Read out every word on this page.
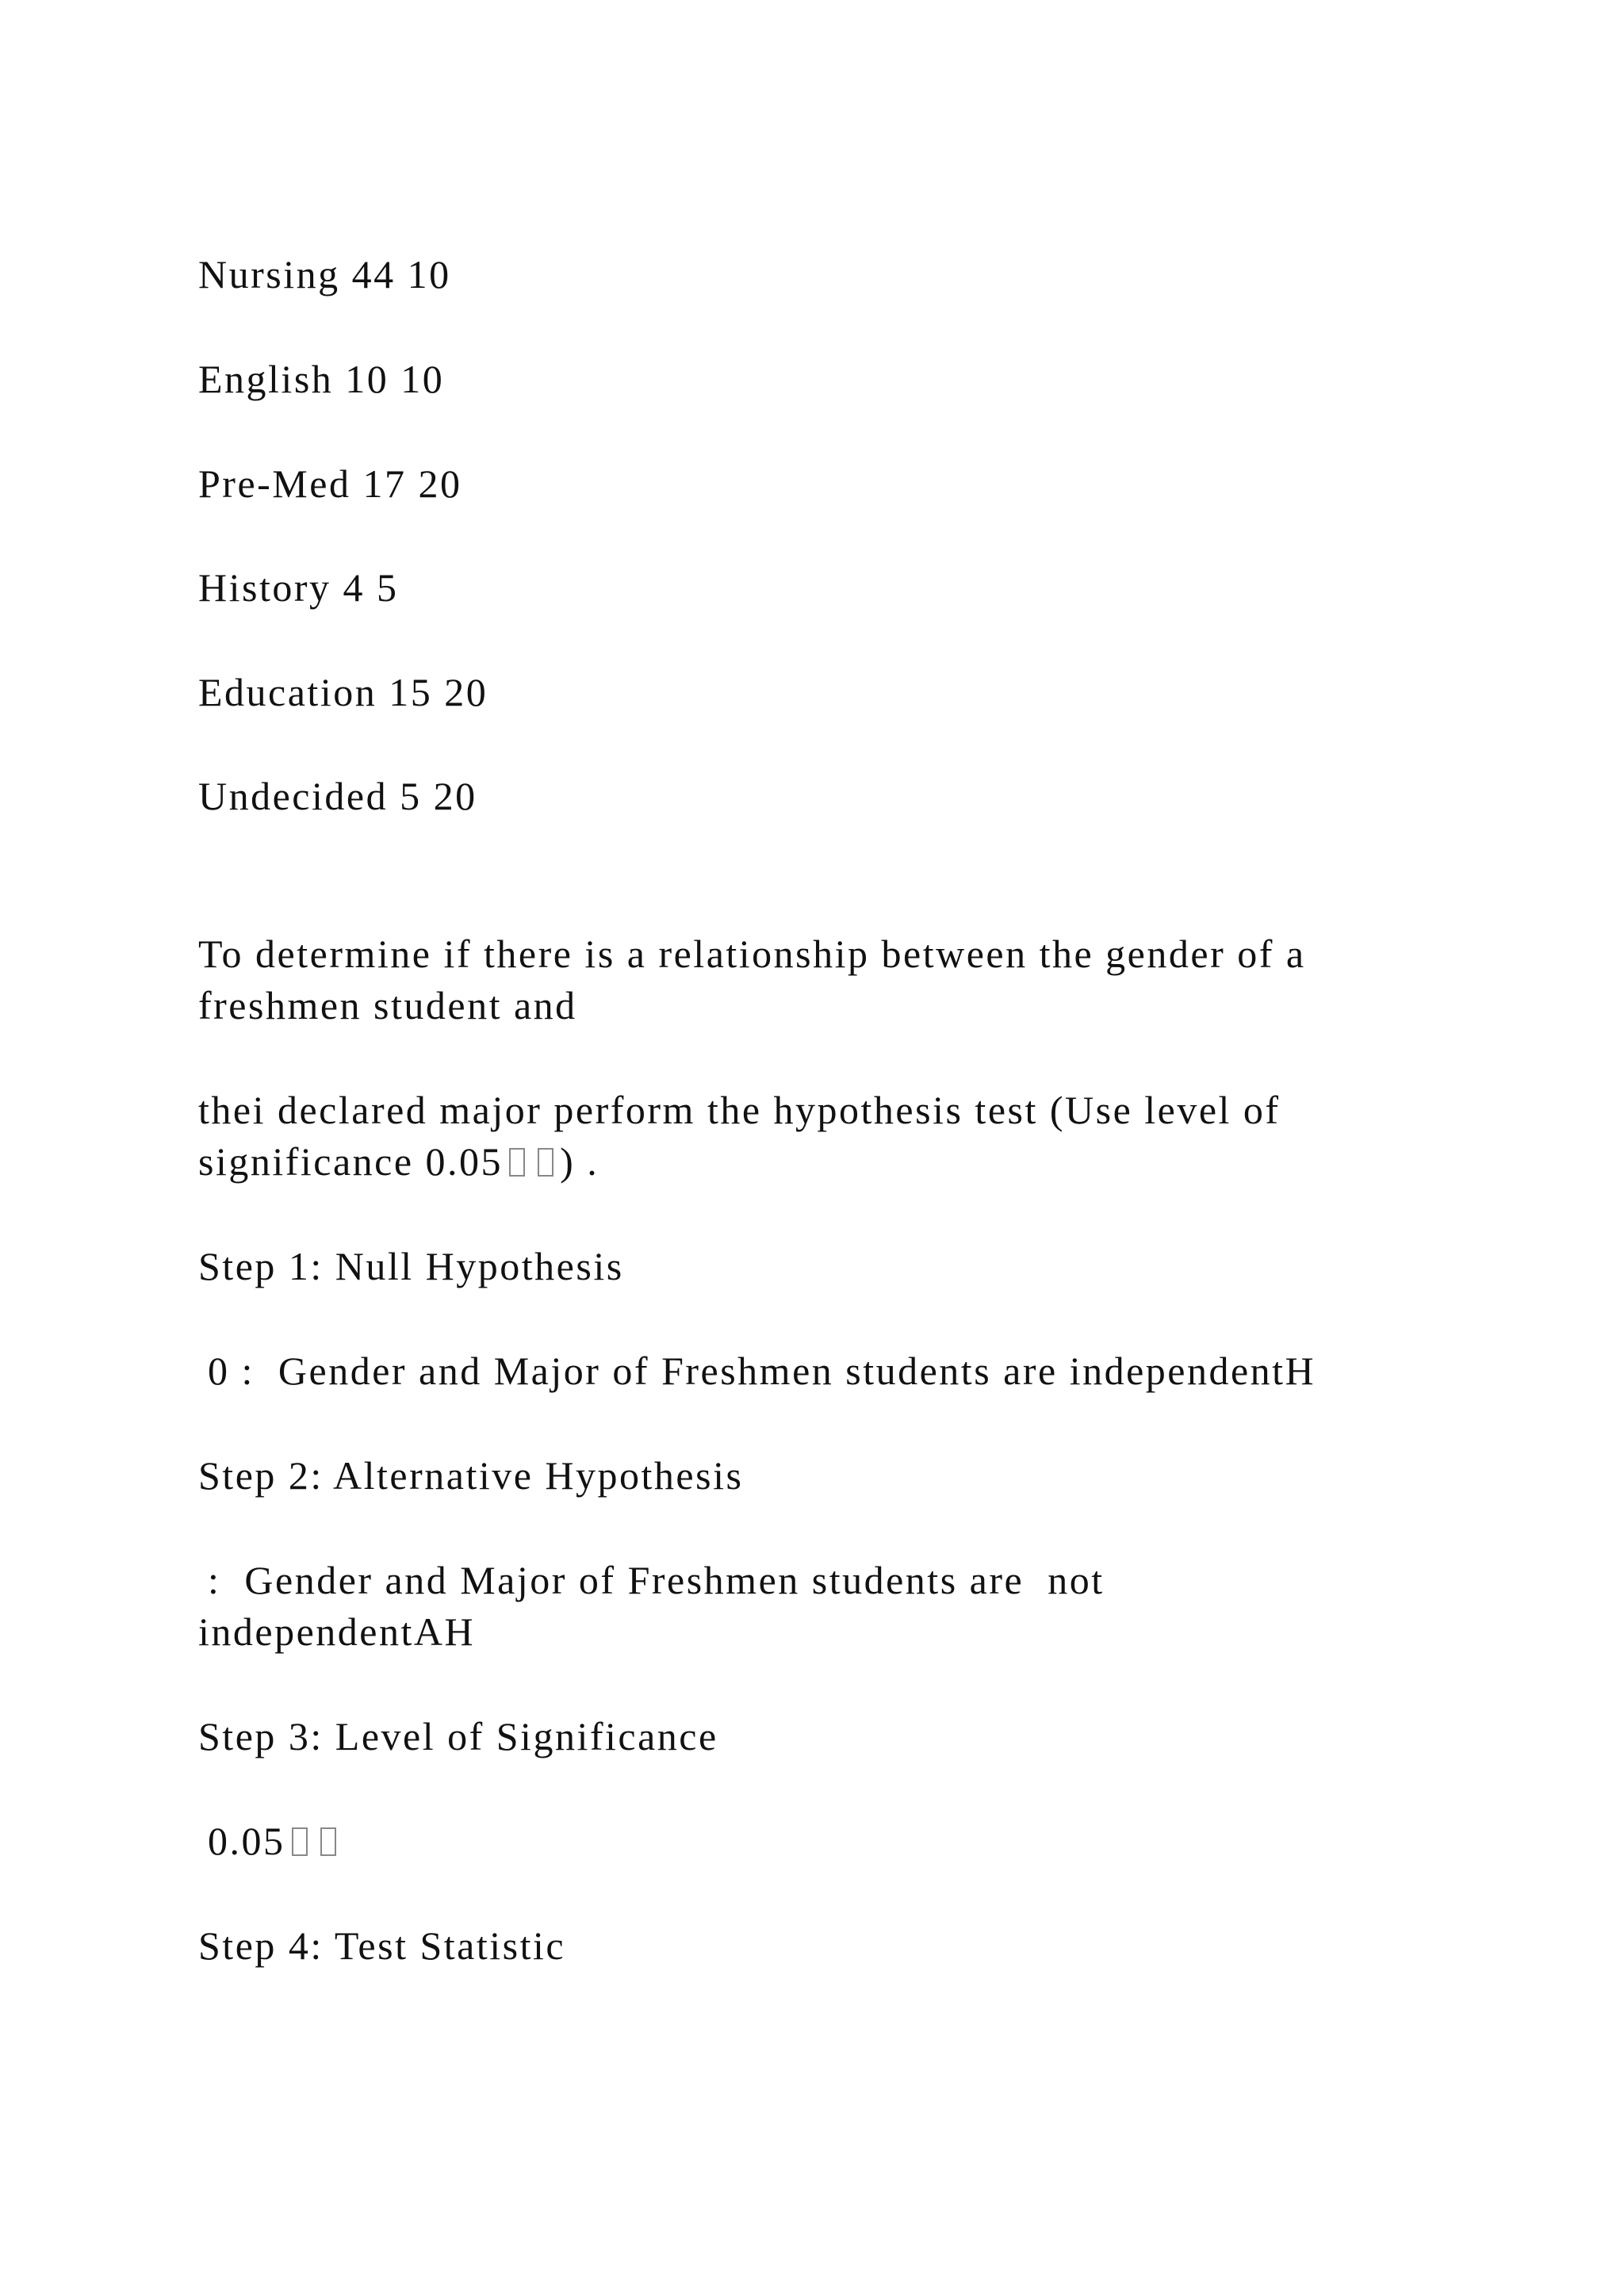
Nursing 44 10
English 10 10
Pre-Med 17 20
History 4 5
Education 15 20
Undecided 5 20
To determine if there is a relationship between the gender of a
freshmen student and
thei declared major perform the hypothesis test (Use level of
significance 0.05 ) .
Step 1: Null Hypothesis
0 :  Gender and Major of Freshmen students are independentH
Step 2: Alternative Hypothesis
:  Gender and Major of Freshmen students are  not
independentAH
Step 3: Level of Significance
0.05
Step 4: Test Statistic
